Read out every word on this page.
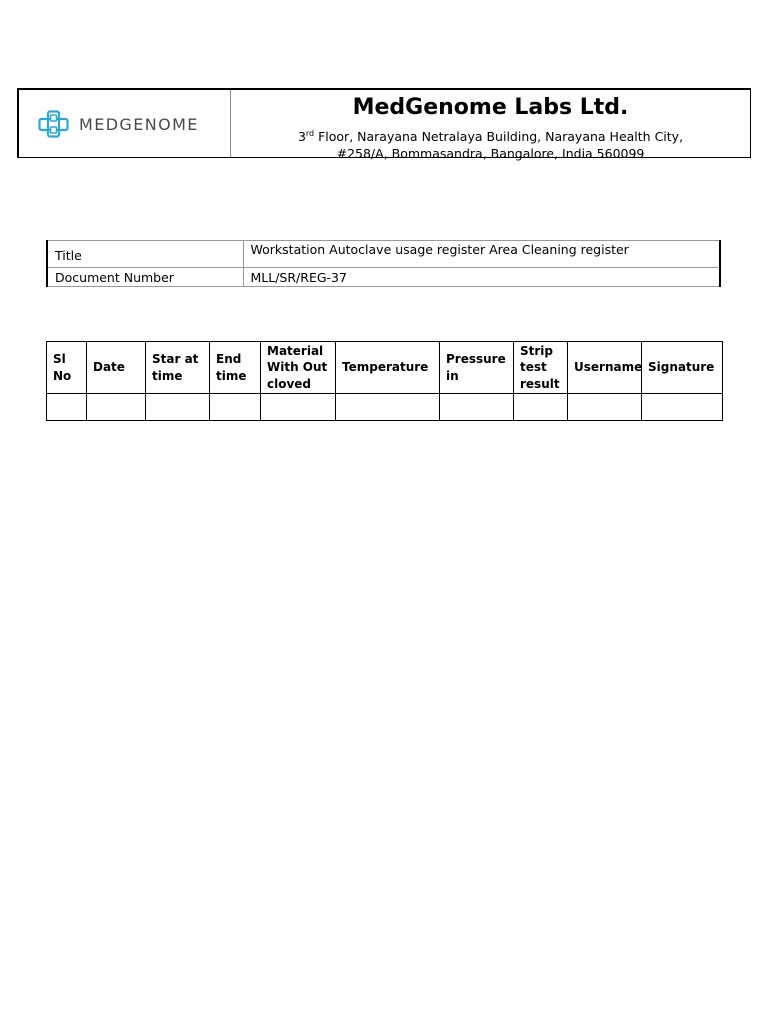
MEDGENOME
MedGenome Labs Ltd.
3rd Floor, Narayana Netralaya Building, Narayana Health City,
#258/A, Bommasandra, Bangalore, India 560099
Title	Workstation Autoclave usage register Area Cleaning register
Document Number	MLL/SR/REG-37
Sl No	Date	Star at time	End time	Material With Out cloved	Temperature	Pressure in	Strip test result	Username	Signature
